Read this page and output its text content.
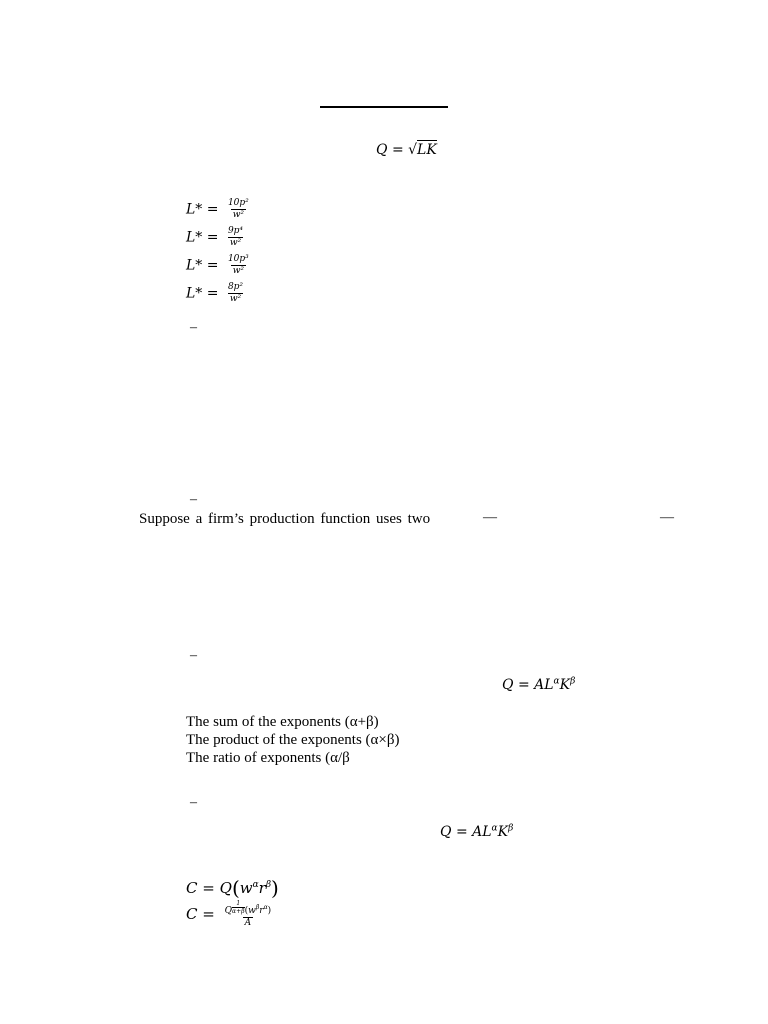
Q = √LK
$L* = \frac{\text{10p²}}{\text{w²}}$
$L* = \frac{\text{9p⁴}}{\text{w²}}$
$L* = \frac{\text{10p³}}{\text{w²}}$
$L* = \frac{\text{8p²}}{\text{w²}}$
–
–
Suppose a firm’s production function uses two	—	—
–
$Q = AL^\alpha K^\beta$
The sum of the exponents (α+β)
The product of the exponents (α×β)
The ratio of exponents (α/β
–
$Q = AL^\alpha K^\beta$
$C = Q(w^\alpha r^\beta)$
$C = \frac{Q \frac{1}{\alpha+\beta} (w^\beta r^\alpha)}{A}$
